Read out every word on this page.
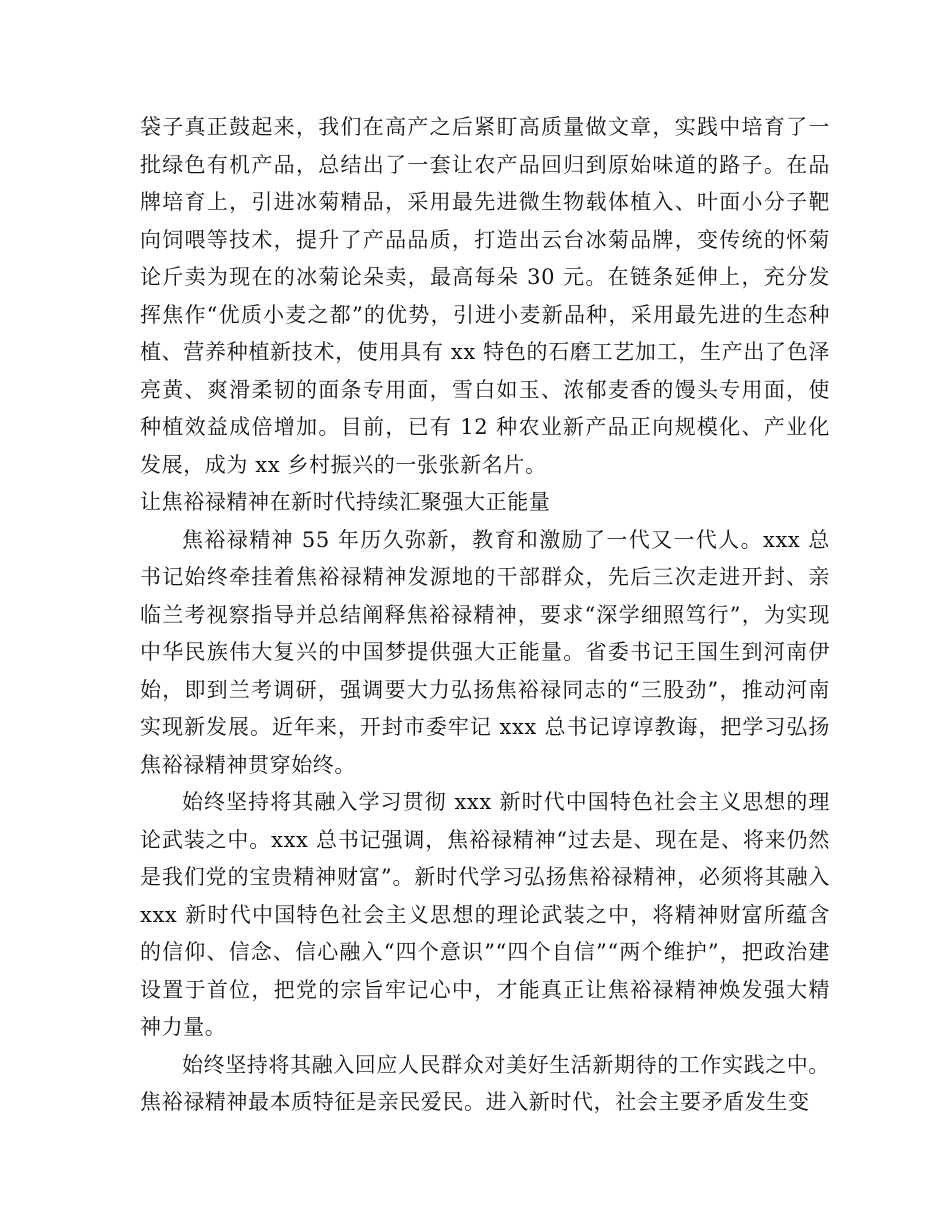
袋子真正鼓起来，我们在高产之后紧盯高质量做文章，实践中培育了一批绿色有机产品，总结出了一套让农产品回归到原始味道的路子。在品牌培育上，引进冰菊精品，采用最先进微生物载体植入、叶面小分子靶向饲喂等技术，提升了产品品质，打造出云台冰菊品牌，变传统的怀菊论斤卖为现在的冰菊论朵卖，最高每朵 30 元。在链条延伸上，充分发挥焦作“优质小麦之都”的优势，引进小麦新品种，采用最先进的生态种植、营养种植新技术，使用具有 xx 特色的石磨工艺加工，生产出了色泽亮黄、爽滑柔韧的面条专用面，雪白如玉、浓郁麦香的馒头专用面，使种植效益成倍增加。目前，已有 12 种农业新产品正向规模化、产业化发展，成为 xx 乡村振兴的一张张新名片。

让焦裕禄精神在新时代持续汇聚强大正能量

焦裕禄精神 55 年历久弥新，教育和激励了一代又一代人。xxx 总书记始终牵挂着焦裕禄精神发源地的干部群众，先后三次走进开封、亲临兰考视察指导并总结阐释焦裕禄精神，要求“深学细照笃行”，为实现中华民族伟大复兴的中国梦提供强大正能量。省委书记王国生到河南伊始，即到兰考调研，强调要大力弘扬焦裕禄同志的“三股劲”，推动河南实现新发展。近年来，开封市委牢记 xxx 总书记谆谆教诲，把学习弘扬焦裕禄精神贯穿始终。

始终坚持将其融入学习贯彻 xxx 新时代中国特色社会主义思想的理论武装之中。xxx 总书记强调，焦裕禄精神“过去是、现在是、将来仍然是我们党的宝贵精神财富”。新时代学习弘扬焦裕禄精神，必须将其融入 xxx 新时代中国特色社会主义思想的理论武装之中，将精神财富所蕴含的信仰、信念、信心融入“四个意识”“四个自信”“两个维护”，把政治建设置于首位，把党的宗旨牢记心中，才能真正让焦裕禄精神焕发强大精神力量。

始终坚持将其融入回应人民群众对美好生活新期待的工作实践之中。焦裕禄精神最本质特征是亲民爱民。进入新时代，社会主要矛盾发生变
